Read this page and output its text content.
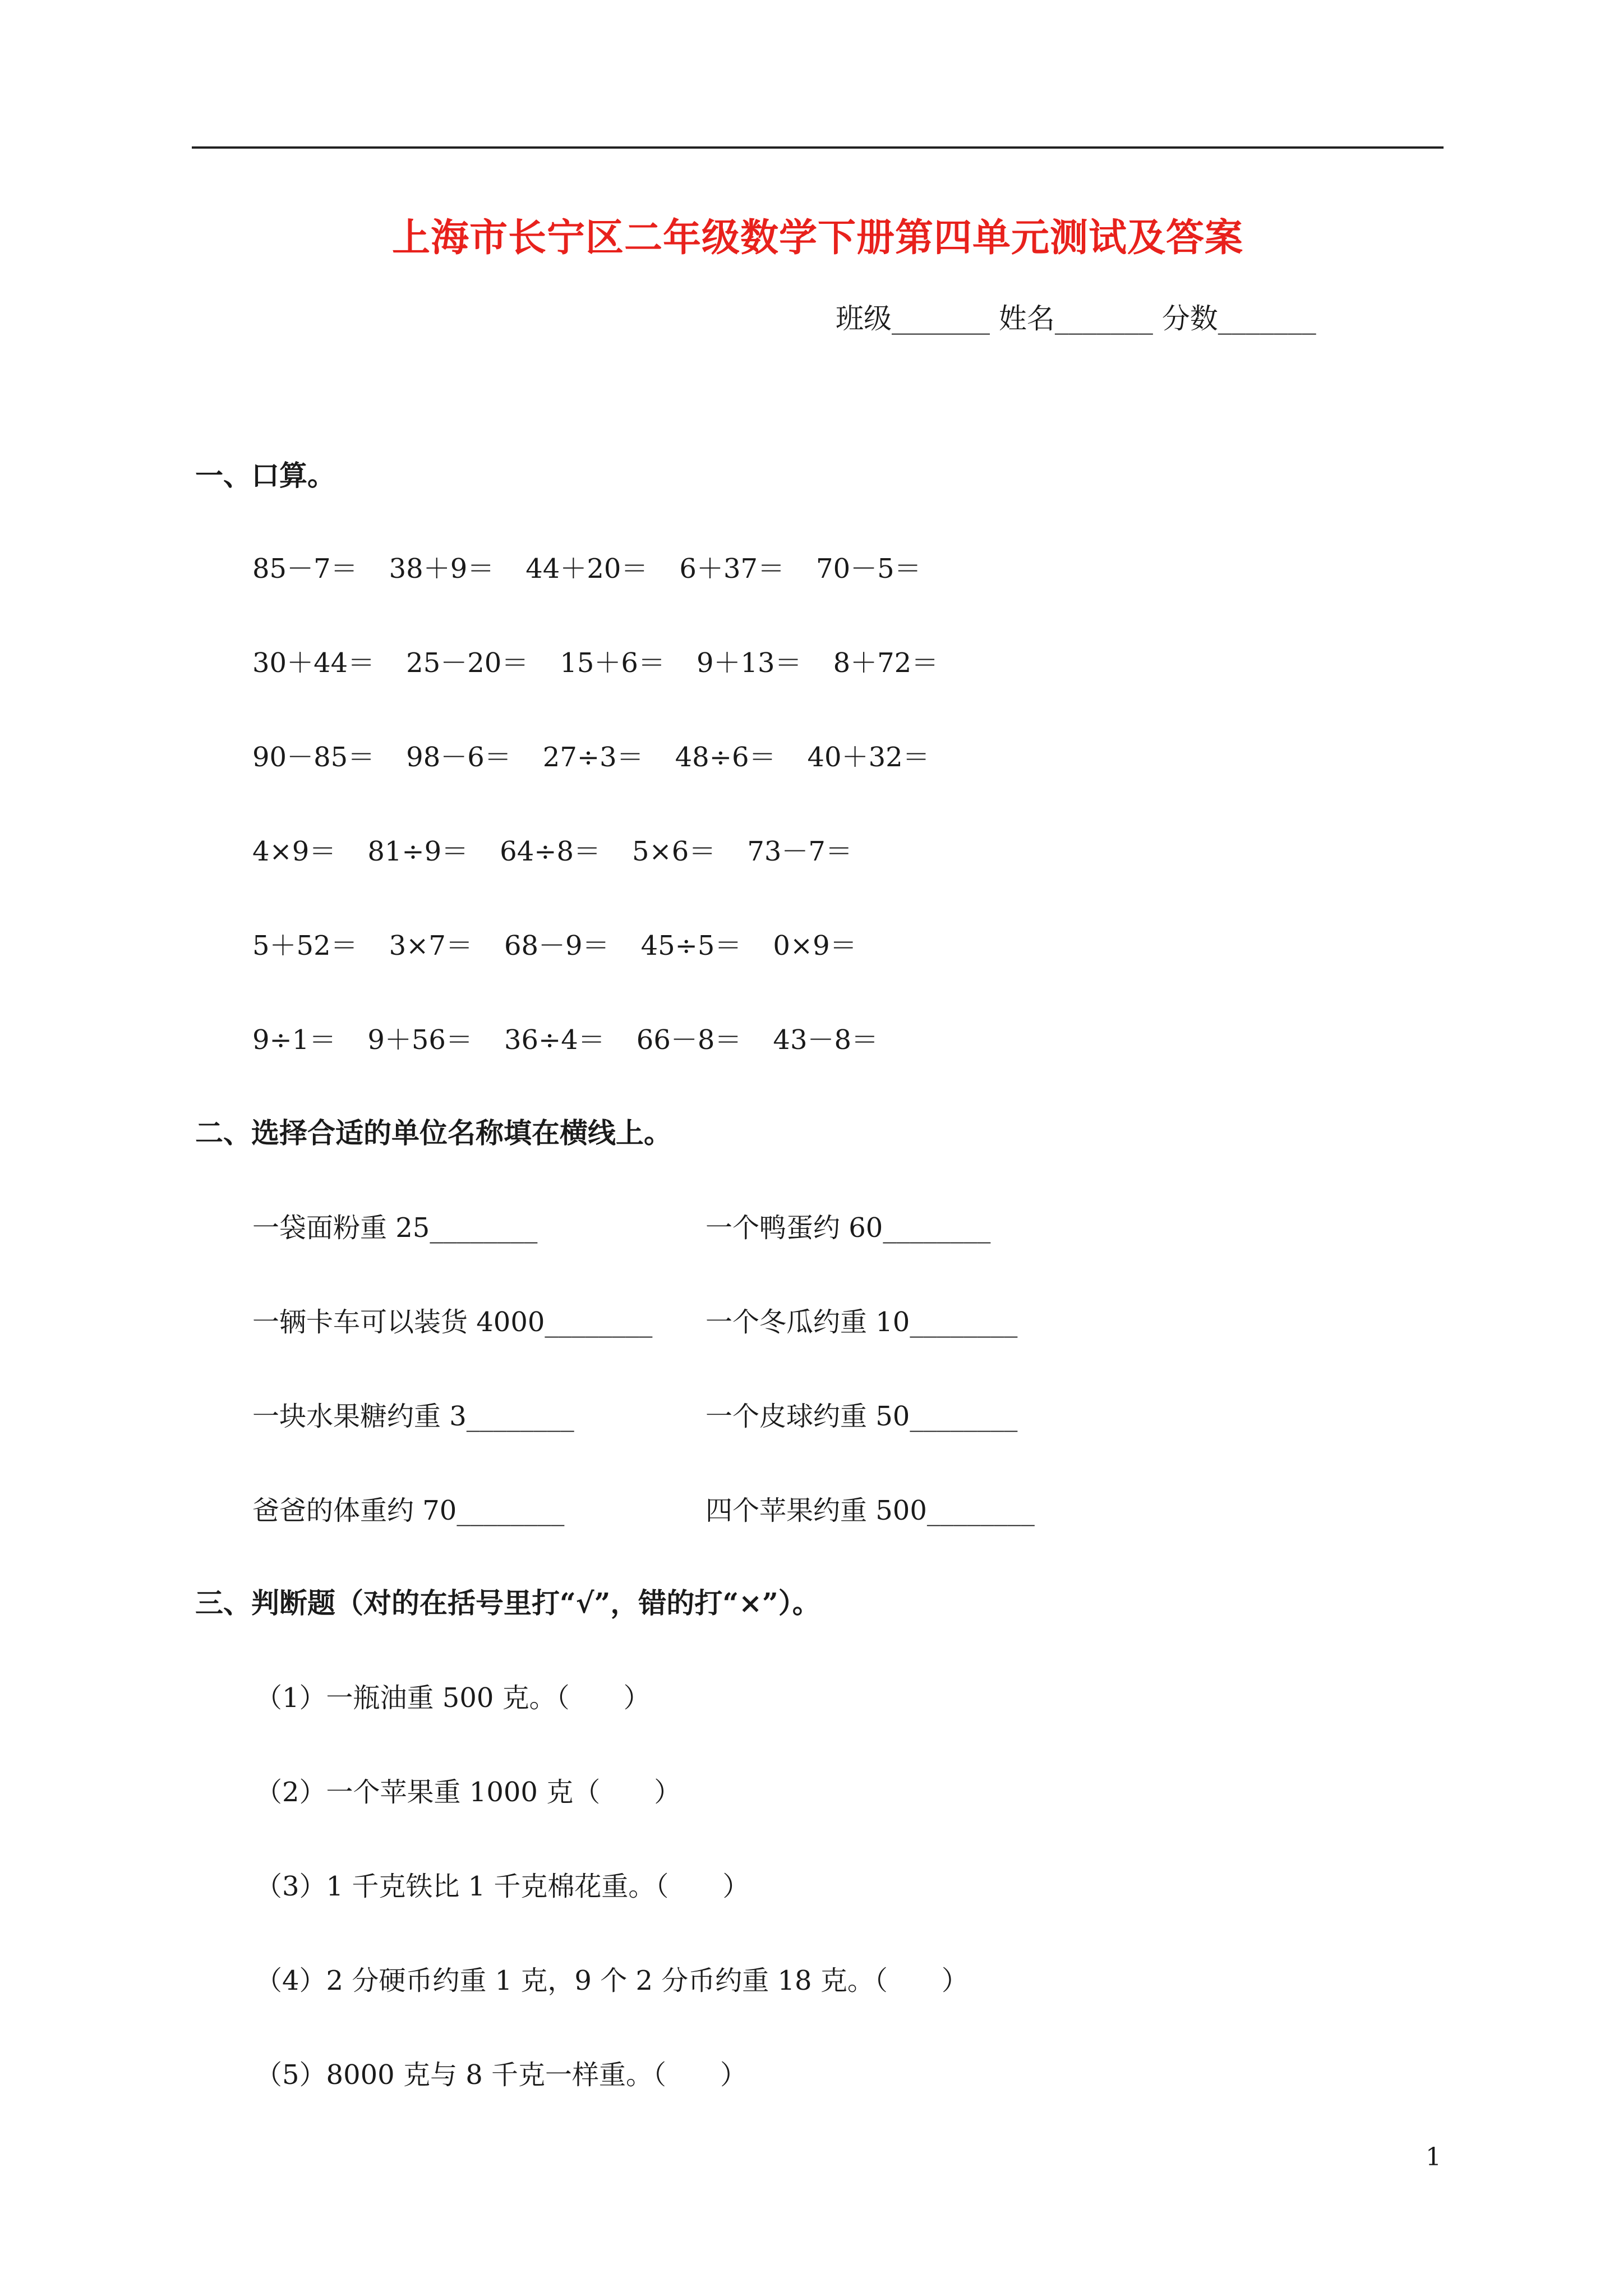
上海市长宁区二年级数学下册第四单元测试及答案
班级_______ 姓名_______ 分数_______
一、口算。
85－7＝ 38＋9＝ 44＋20＝ 6＋37＝ 70－5＝
30＋44＝ 25－20＝ 15＋6＝ 9＋13＝ 8＋72＝
90－85＝ 98－6＝ 27÷3＝ 48÷6＝ 40＋32＝
4×9＝ 81÷9＝ 64÷8＝ 5×6＝ 73－7＝
5＋52＝ 3×7＝ 68－9＝ 45÷5＝ 0×9＝
9÷1＝ 9＋56＝ 36÷4＝ 66－8＝ 43－8＝
二、选择合适的单位名称填在横线上。
一袋面粉重 25________	一个鸭蛋约 60________
一辆卡车可以装货 4000________ 一个冬瓜约重 10________
一块水果糖约重 3________	一个皮球约重 50________
爸爸的体重约 70________	四个苹果约重 500________
三、判断题（对的在括号里打“√”，错的打“×”）。
（1）一瓶油重 500 克。（　　）
（2）一个苹果重 1000 克（　　）
（3）1 千克铁比 1 千克棉花重。（　　）
（4）2 分硬币约重 1 克，9 个 2 分币约重 18 克。（　　）
（5）8000 克与 8 千克一样重。（　　）
1
